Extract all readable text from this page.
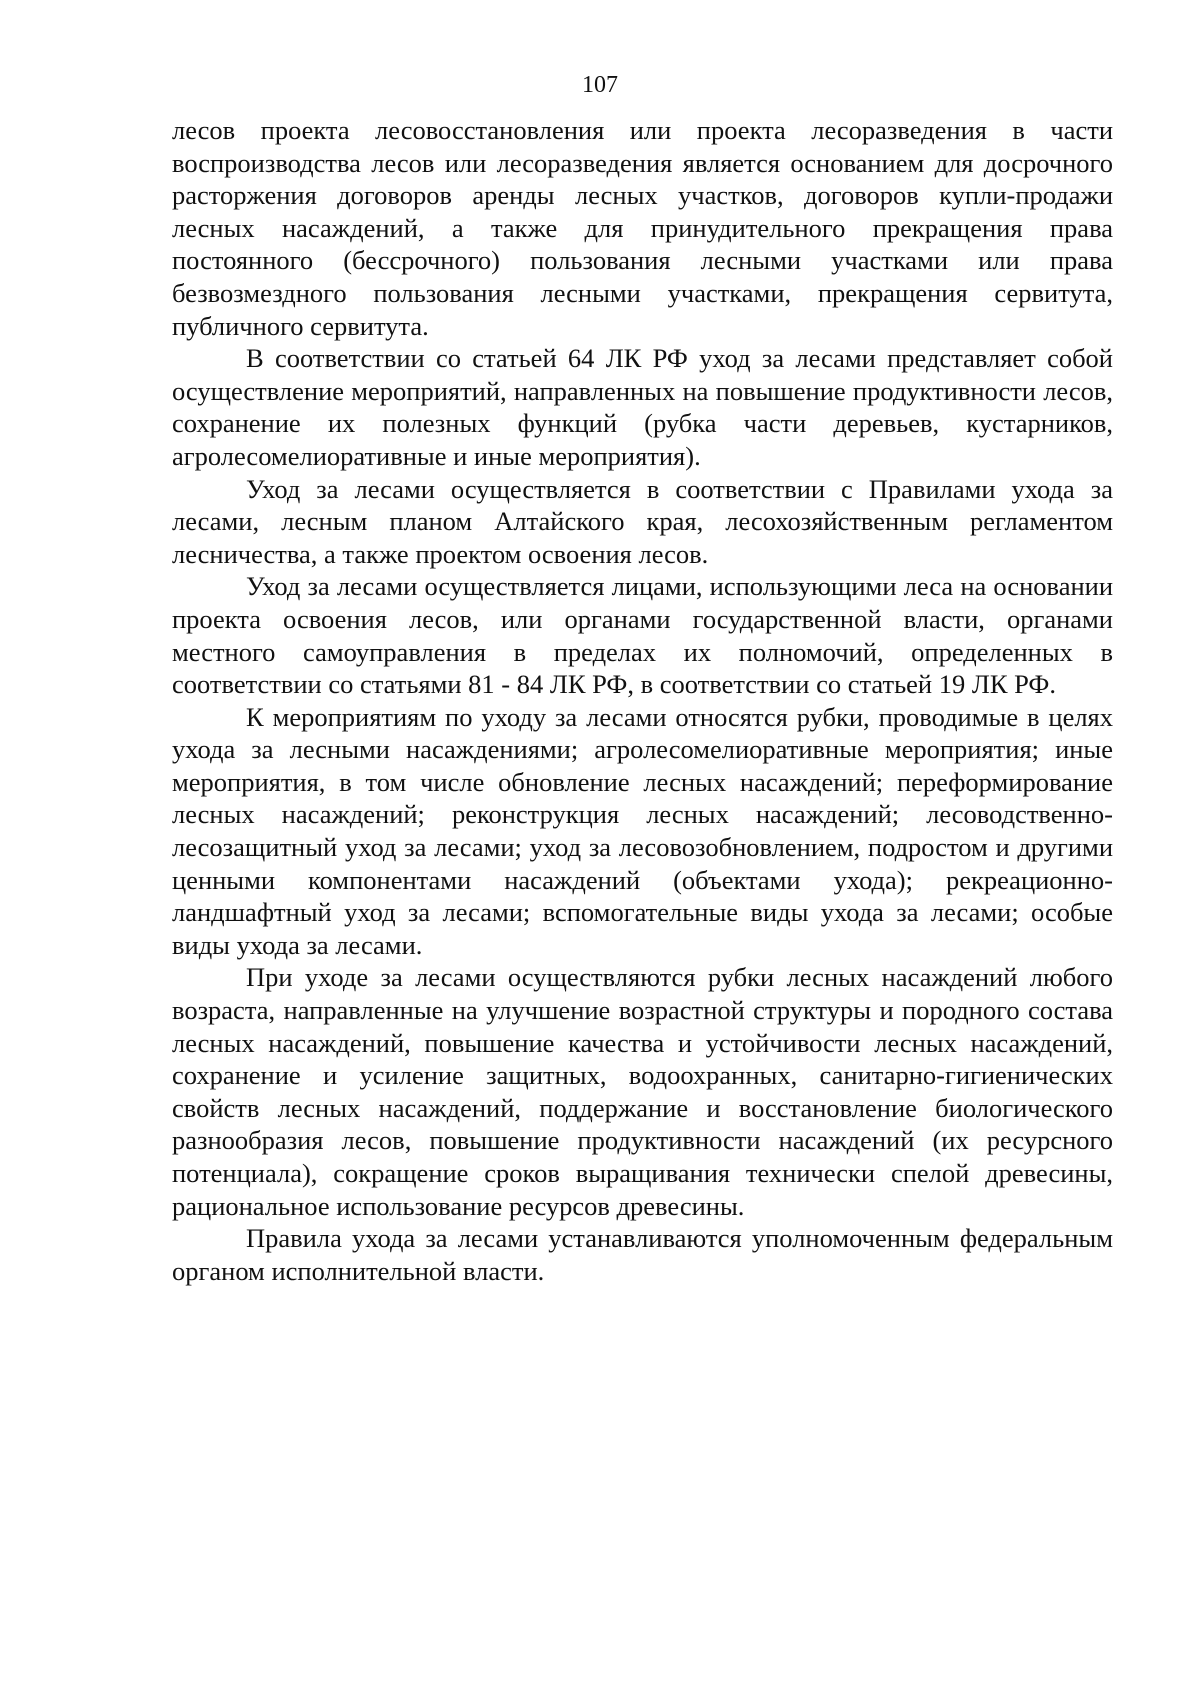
107

лесов проекта лесовосстановления или проекта лесоразведения в части воспроизводства лесов или лесоразведения является основанием для досрочного расторжения договоров аренды лесных участков, договоров купли-продажи лесных насаждений, а также для принудительного прекращения права постоянного (бессрочного) пользования лесными участками или права безвозмездного пользования лесными участками, прекращения сервитута, публичного сервитута.

В соответствии со статьей 64 ЛК РФ уход за лесами представляет собой осуществление мероприятий, направленных на повышение продуктивности лесов, сохранение их полезных функций (рубка части деревьев, кустарников, агролесомелиоративные и иные мероприятия).

Уход за лесами осуществляется в соответствии с Правилами ухода за лесами, лесным планом Алтайского края, лесохозяйственным регламентом лесничества, а также проектом освоения лесов.

Уход за лесами осуществляется лицами, использующими леса на основании проекта освоения лесов, или органами государственной власти, органами местного самоуправления в пределах их полномочий, определенных в соответствии со статьями 81 - 84 ЛК РФ, в соответствии со статьей 19 ЛК РФ.

К мероприятиям по уходу за лесами относятся рубки, проводимые в целях ухода за лесными насаждениями; агролесомелиоративные мероприятия; иные мероприятия, в том числе обновление лесных насаждений; переформирование лесных насаждений; реконструкция лесных насаждений; лесоводственно-лесозащитный уход за лесами; уход за лесовозобновлением, подростом и другими ценными компонентами насаждений (объектами ухода); рекреационно-ландшафтный уход за лесами; вспомогательные виды ухода за лесами; особые виды ухода за лесами.

При уходе за лесами осуществляются рубки лесных насаждений любого возраста, направленные на улучшение возрастной структуры и породного состава лесных насаждений, повышение качества и устойчивости лесных насаждений, сохранение и усиление защитных, водоохранных, санитарно-гигиенических свойств лесных насаждений, поддержание и восстановление биологического разнообразия лесов, повышение продуктивности насаждений (их ресурсного потенциала), сокращение сроков выращивания технически спелой древесины, рациональное использование ресурсов древесины.

Правила ухода за лесами устанавливаются уполномоченным федеральным органом исполнительной власти.
